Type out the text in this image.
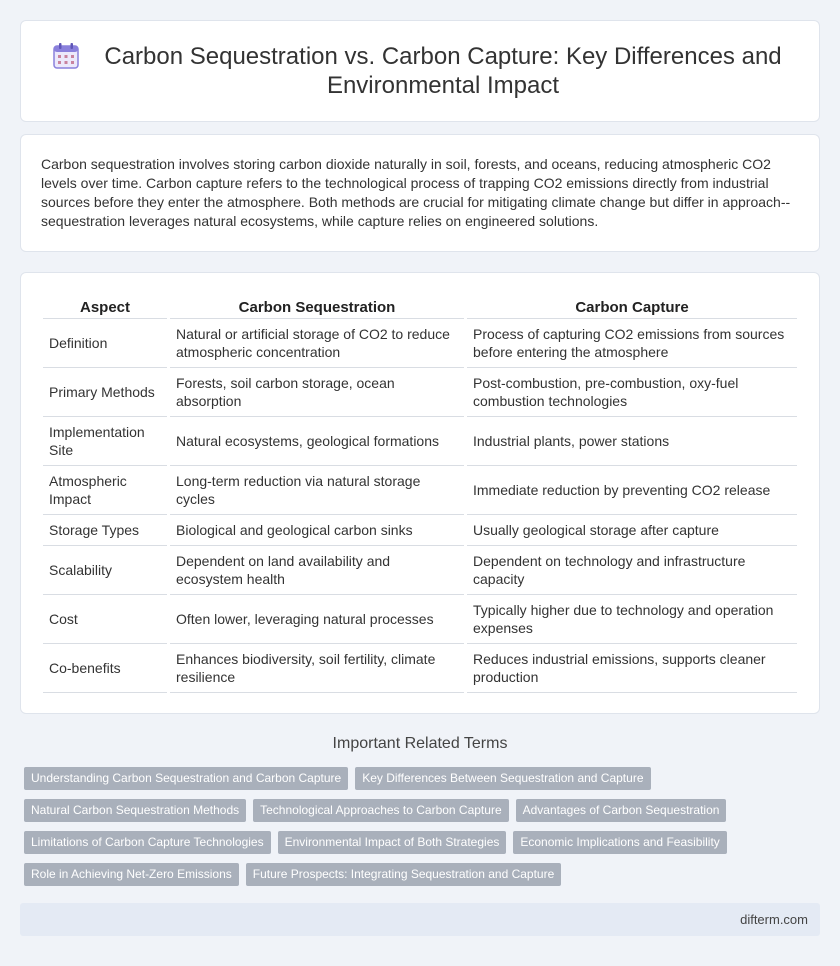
Carbon Sequestration vs. Carbon Capture: Key Differences and Environmental Impact

Carbon sequestration involves storing carbon dioxide naturally in soil, forests, and oceans, reducing atmospheric CO2 levels over time. Carbon capture refers to the technological process of trapping CO2 emissions directly from industrial sources before they enter the atmosphere. Both methods are crucial for mitigating climate change but differ in approach--sequestration leverages natural ecosystems, while capture relies on engineered solutions.

Aspect	Carbon Sequestration	Carbon Capture
Definition	Natural or artificial storage of CO2 to reduce atmospheric concentration	Process of capturing CO2 emissions from sources before entering the atmosphere
Primary Methods	Forests, soil carbon storage, ocean absorption	Post-combustion, pre-combustion, oxy-fuel combustion technologies
Implementation Site	Natural ecosystems, geological formations	Industrial plants, power stations
Atmospheric Impact	Long-term reduction via natural storage cycles	Immediate reduction by preventing CO2 release
Storage Types	Biological and geological carbon sinks	Usually geological storage after capture
Scalability	Dependent on land availability and ecosystem health	Dependent on technology and infrastructure capacity
Cost	Often lower, leveraging natural processes	Typically higher due to technology and operation expenses
Co-benefits	Enhances biodiversity, soil fertility, climate resilience	Reduces industrial emissions, supports cleaner production
Important Related Terms
Understanding Carbon Sequestration and Carbon Capture	Key Differences Between Sequestration and Capture
Natural Carbon Sequestration Methods	Technological Approaches to Carbon Capture	Advantages of Carbon Sequestration
Limitations of Carbon Capture Technologies	Environmental Impact of Both Strategies	Economic Implications and Feasibility
Role in Achieving Net-Zero Emissions	Future Prospects: Integrating Sequestration and Capture
difterm.com
